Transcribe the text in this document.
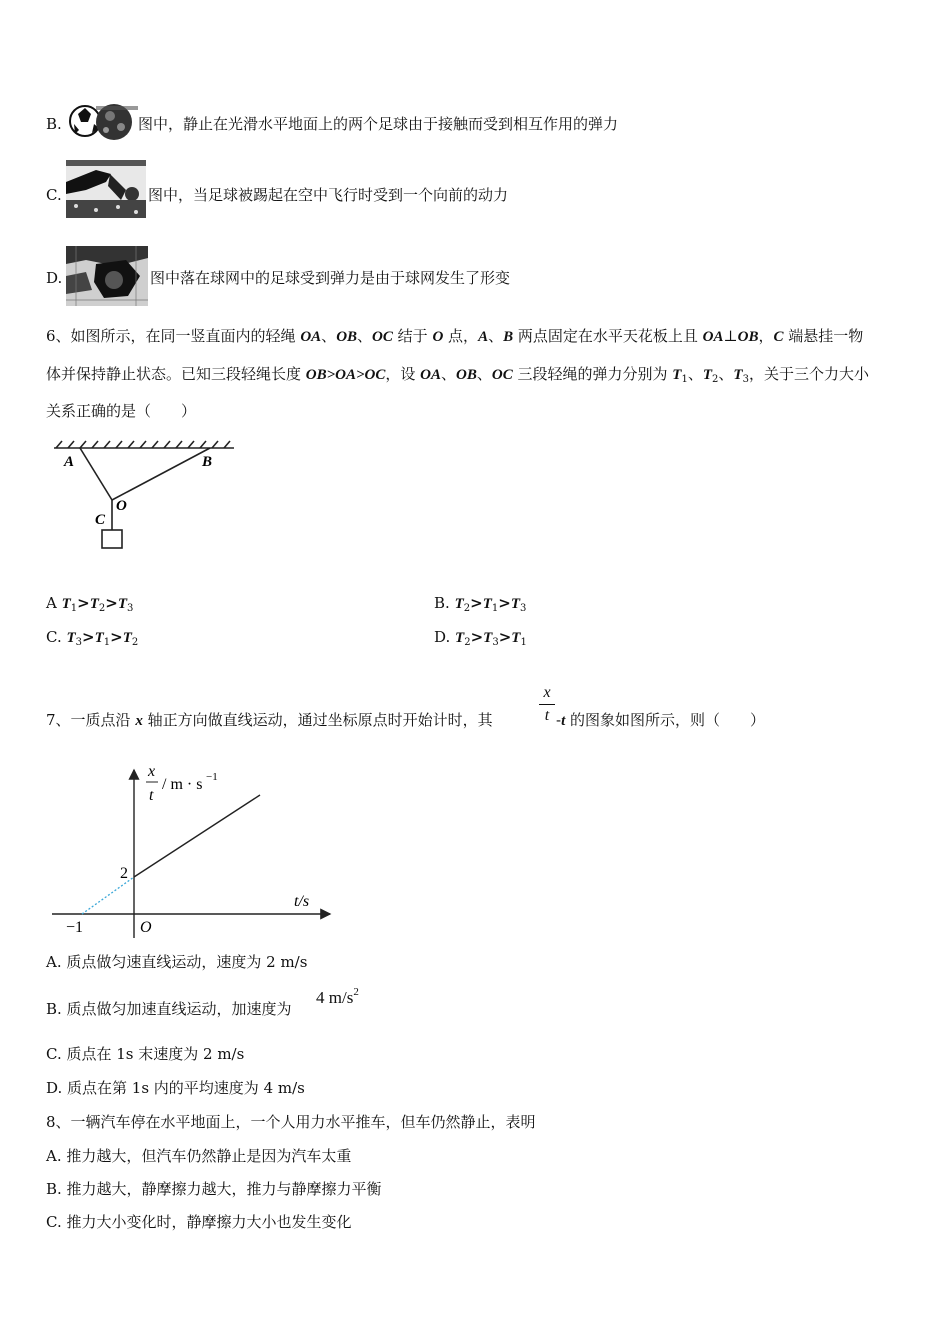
B.	图中，静止在光滑水平地面上的两个足球由于接触而受到相互作用的弹力
C.	图中，当足球被踢起在空中飞行时受到一个向前的动力
D.	图中落在球网中的足球受到弹力是由于球网发生了形变
6、如图所示，在同一竖直面内的轻绳 OA、OB、OC 结于 O 点，A、B 两点固定在水平天花板上且 OA⊥OB，C 端悬挂一物
体并保持静止状态。已知三段轻绳长度 OB>OA>OC，设 OA、OB、OC 三段轻绳的弹力分别为 $T_1$、$T_2$、$T_3$，关于三个力大小
关系正确的是（　　）
A	B
O
C
A $T_1>T_2>T_3$	B. $T_2>T_1>T_3$
C. $T_3>T_1>T_2$	D. $T_2>T_3>T_1$
7、一质点沿 x 轴正方向做直线运动，通过坐标原点时开始计时，其
x
t -t 的图象如图所示，则（　　）
x
t
/ m · s −1
t/s
2
−1	O
A. 质点做匀速直线运动，速度为 2 m/s
B. 质点做匀加速直线运动，加速度为
4 $m/s^2$
C. 质点在 1s 末速度为 2 m/s
D. 质点在第 1s 内的平均速度为 4 m/s
8、一辆汽车停在水平地面上，一个人用力水平推车，但车仍然静止，表明
A. 推力越大，但汽车仍然静止是因为汽车太重
B. 推力越大，静摩擦力越大，推力与静摩擦力平衡
C. 推力大小变化时，静摩擦力大小也发生变化
